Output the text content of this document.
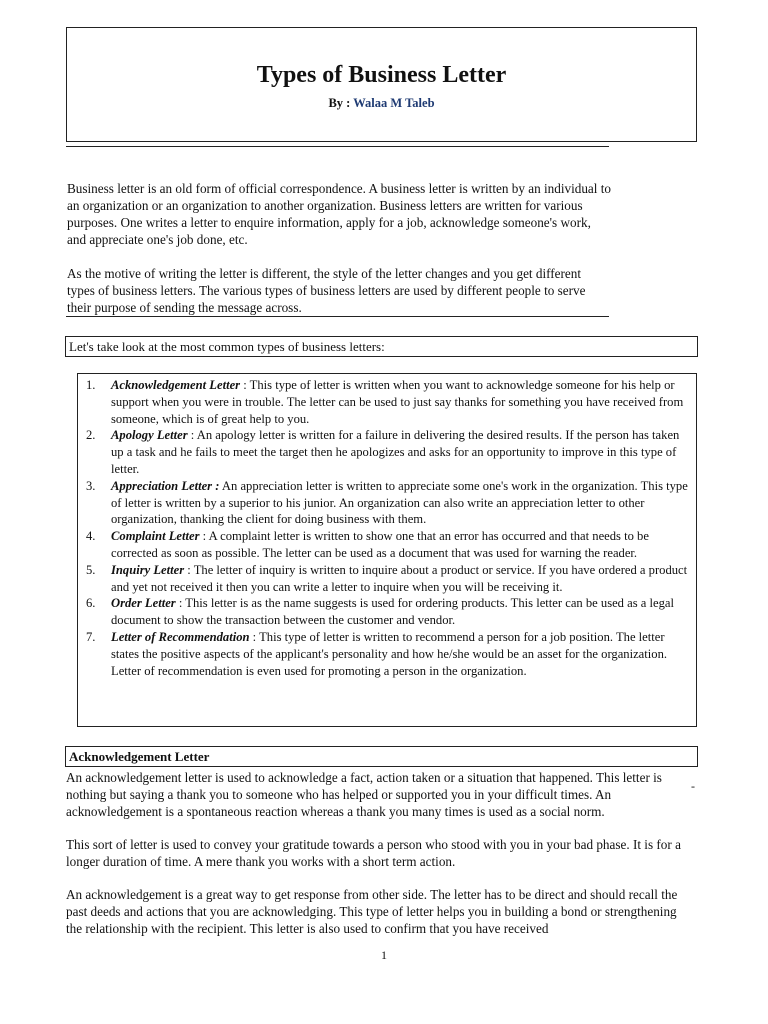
Types of Business Letter
By : Walaa M Taleb

Business letter is an old form of official correspondence. A business letter is written by an individual to an organization or an organization to another organization. Business letters are written for various purposes. One writes a letter to enquire information, apply for a job, acknowledge someone's work, and appreciate one's job done, etc.

As the motive of writing the letter is different, the style of the letter changes and you get different types of business letters. The various types of business letters are used by different people to serve their purpose of sending the message across.

Let's take look at the most common types of business letters:
1. Acknowledgement Letter : This type of letter is written when you want to acknowledge someone for his help or support when you were in trouble. The letter can be used to just say thanks for something you have received from someone, which is of great help to you.
2. Apology Letter : An apology letter is written for a failure in delivering the desired results. If the person has taken up a task and he fails to meet the target then he apologizes and asks for an opportunity to improve in this type of letter.
3. Appreciation Letter : An appreciation letter is written to appreciate some one's work in the organization. This type of letter is written by a superior to his junior. An organization can also write an appreciation letter to other organization, thanking the client for doing business with them.
4. Complaint Letter : A complaint letter is written to show one that an error has occurred and that needs to be corrected as soon as possible. The letter can be used as a document that was used for warning the reader.
5. Inquiry Letter : The letter of inquiry is written to inquire about a product or service. If you have ordered a product and yet not received it then you can write a letter to inquire when you will be receiving it.
6. Order Letter : This letter is as the name suggests is used for ordering products. This letter can be used as a legal document to show the transaction between the customer and vendor.
7. Letter of Recommendation : This type of letter is written to recommend a person for a job position. The letter states the positive aspects of the applicant's personality and how he/she would be an asset for the organization. Letter of recommendation is even used for promoting a person in the organization.
Acknowledgement Letter

An acknowledgement letter is used to acknowledge a fact, action taken or a situation that happened. This letter is nothing but saying a thank you to someone who has helped or supported you in your difficult times. An acknowledgement is a spontaneous reaction whereas a thank you many times is used as a social norm.

-

This sort of letter is used to convey your gratitude towards a person who stood with you in your bad phase. It is for a longer duration of time. A mere thank you works with a short term action.

An acknowledgement is a great way to get response from other side. The letter has to be direct and should recall the past deeds and actions that you are acknowledging. This type of letter helps you in building a bond or strengthening the relationship with the recipient. This letter is also used to confirm that you have received

1
